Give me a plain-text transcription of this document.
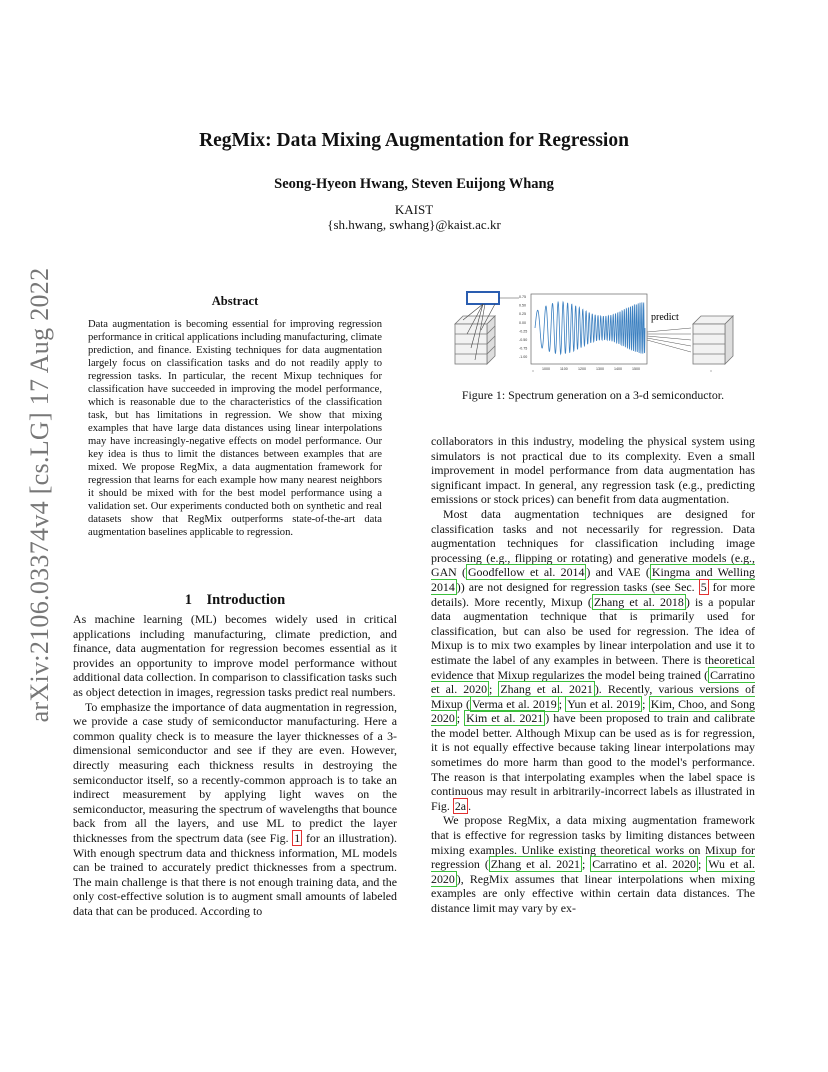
RegMix: Data Mixing Augmentation for Regression
Seong-Hyeon Hwang, Steven Euijong Whang
KAIST
{sh.hwang, swhang}@kaist.ac.kr
arXiv:2106.03374v4 [cs.LG] 17 Aug 2022	Abstract
Data augmentation is becoming essential for improving regression performance in critical applications including manufacturing, climate prediction, and finance. Existing techniques for data augmentation largely focus on classification tasks and do not readily apply to regression tasks. In particular, the recent Mixup techniques for classification have succeeded in improving the model performance, which is reasonable due to the characteristics of the classification task, but has limitations in regression. We show that mixing examples that have large data distances using linear interpolations may have increasingly-negative effects on model performance. Our key idea is thus to limit the distances between examples that are mixed. We propose RegMix, a data augmentation framework for regression that learns for each example how many nearest neighbors it should be mixed with for the best model performance using a validation set. Our experiments conducted both on synthetic and real datasets show that RegMix outperforms state-of-the-art data augmentation baselines applicable to regression.
1 Introduction

As machine learning (ML) becomes widely used in critical applications including manufacturing, climate prediction, and finance, data augmentation for regression becomes essential as it provides an opportunity to improve model performance without additional data collection. In comparison to classification tasks such as object detection in images, regression tasks predict real numbers.

To emphasize the importance of data augmentation in regression, we provide a case study of semiconductor manufacturing. Here a common quality check is to measure the layer thicknesses of a 3-dimensional semiconductor and see if they are even. However, directly measuring each thickness results in destroying the semiconductor itself, so a recently-common approach is to take an indirect measurement by applying light waves on the semiconductor, measuring the spectrum of wavelengths that bounce back from all the layers, and use ML to predict the layer thicknesses from the spectrum data (see Fig. 1 for an illustration). With enough spectrum data and thickness information, ML models can be trained to accurately predict thicknesses from a spectrum. The main challenge is that there is not enough training data, and the only cost-effective solution is to augment small amounts of labeled data that can be produced. According to

0.75
0.50
0.25
0.00
-0.25
-0.50
-0.75
-1.00
1000	1100	1200	1300	1400	1500
predict
Figure 1: Spectrum generation on a 3-d semiconductor.

collaborators in this industry, modeling the physical system using simulators is not practical due to its complexity. Even a small improvement in model performance from data augmentation has significant impact. In general, any regression task (e.g., predicting emissions or stock prices) can benefit from data augmentation.

Most data augmentation techniques are designed for classification tasks and not necessarily for regression. Data augmentation techniques for classification including image processing (e.g., flipping or rotating) and generative models (e.g., GAN ( Goodfellow et al. 2014 ) and VAE ( Kingma and Welling 2014 )) are not designed for regression tasks (see Sec. 5 for more details). More recently, Mixup ( Zhang et al. 2018 ) is a popular data augmentation technique that is primarily used for classification, but can also be used for regression. The idea of Mixup is to mix two examples by linear interpolation and use it to estimate the label of any examples in between. There is theoretical evidence that Mixup regularizes the model being trained ( Carratino et al. 2020 ; Zhang et al. 2021 ). Recently, various versions of Mixup ( Verma et al. 2019 ; Yun et al. 2019 ; Kim, Choo, and Song 2020 ; Kim et al. 2021 ) have been proposed to train and calibrate the model better. Although Mixup can be used as is for regression, it is not equally effective because taking linear interpolations may sometimes do more harm than good to the model's performance. The reason is that interpolating examples when the label space is continuous may result in arbitrarily-incorrect labels as illustrated in Fig. 2a .

We propose RegMix, a data mixing augmentation framework that is effective for regression tasks by limiting distances between mixing examples. Unlike existing theoretical works on Mixup for regression ( Zhang et al. 2021 ; Carratino et al. 2020 ; Wu et al. 2020 ), RegMix assumes that linear interpolations when mixing examples are only effective within certain data distances. The distance limit may vary by ex-
